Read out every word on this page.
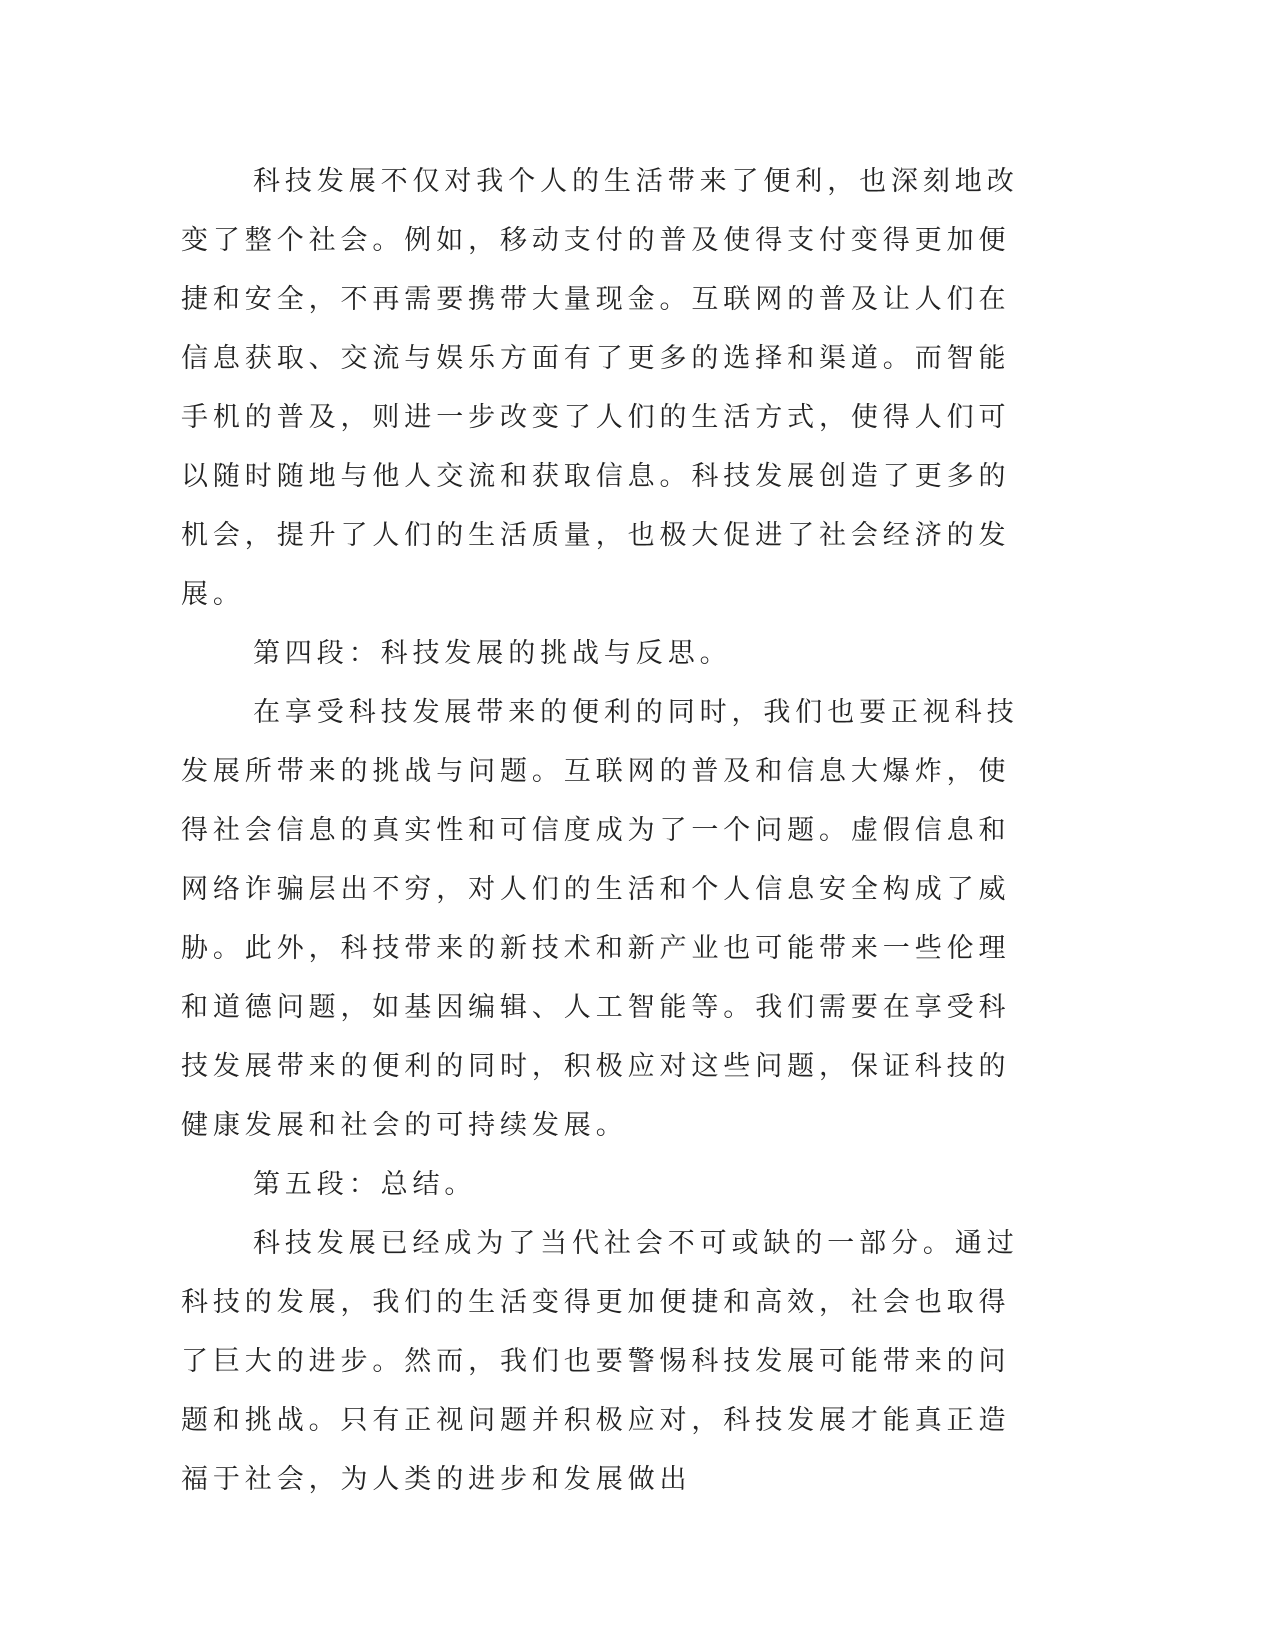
科技发展不仅对我个人的生活带来了便利，也深刻地改变了整个社会。例如，移动支付的普及使得支付变得更加便捷和安全，不再需要携带大量现金。互联网的普及让人们在信息获取、交流与娱乐方面有了更多的选择和渠道。而智能手机的普及，则进一步改变了人们的生活方式，使得人们可以随时随地与他人交流和获取信息。科技发展创造了更多的机会，提升了人们的生活质量，也极大促进了社会经济的发展。

第四段：科技发展的挑战与反思。

在享受科技发展带来的便利的同时，我们也要正视科技发展所带来的挑战与问题。互联网的普及和信息大爆炸，使得社会信息的真实性和可信度成为了一个问题。虚假信息和网络诈骗层出不穷，对人们的生活和个人信息安全构成了威胁。此外，科技带来的新技术和新产业也可能带来一些伦理和道德问题，如基因编辑、人工智能等。我们需要在享受科技发展带来的便利的同时，积极应对这些问题，保证科技的健康发展和社会的可持续发展。

第五段：总结。

科技发展已经成为了当代社会不可或缺的一部分。通过科技的发展，我们的生活变得更加便捷和高效，社会也取得了巨大的进步。然而，我们也要警惕科技发展可能带来的问题和挑战。只有正视问题并积极应对，科技发展才能真正造福于社会，为人类的进步和发展做出
